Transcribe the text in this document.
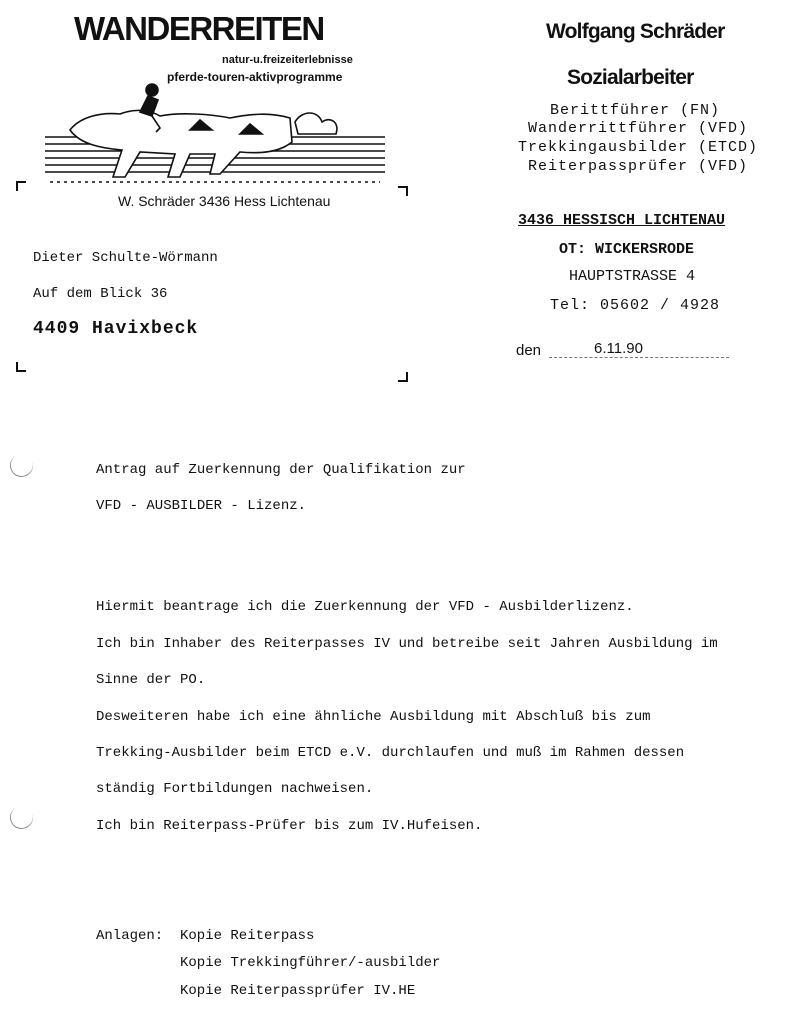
WANDERREITEN
natur-u.freizeiterlebnisse
pferde-touren-aktivprogramme
W. Schräder 3436 Hess Lichtenau
Dieter Schulte-Wörmann
Auf dem Blick 36
4409 Havixbeck
Wolfgang Schräder
Sozialarbeiter
Berittführer (FN)
Wanderrittführer (VFD)
Trekkingausbilder (ETCD)
Reiterpassprüfer (VFD)
3436 HESSISCH LICHTENAU
OT: WICKERSRODE
HAUPTSTRASSE 4
Tel: 05602 / 4928
den	6.11.90
Antrag auf Zuerkennung der Qualifikation zur
VFD - AUSBILDER - Lizenz.
Hiermit beantrage ich die Zuerkennung der VFD - Ausbilderlizenz.
Ich bin Inhaber des Reiterpasses IV und betreibe seit Jahren Ausbildung im
Sinne der PO.
Desweiteren habe ich eine ähnliche Ausbildung mit Abschluß bis zum
Trekking-Ausbilder beim ETCD e.V. durchlaufen und muß im Rahmen dessen
ständig Fortbildungen nachweisen.
Ich bin Reiterpass-Prüfer bis zum IV.Hufeisen.
Anlagen: Kopie Reiterpass
Kopie Trekkingführer/-ausbilder
Kopie Reiterpassprüfer IV.HE
